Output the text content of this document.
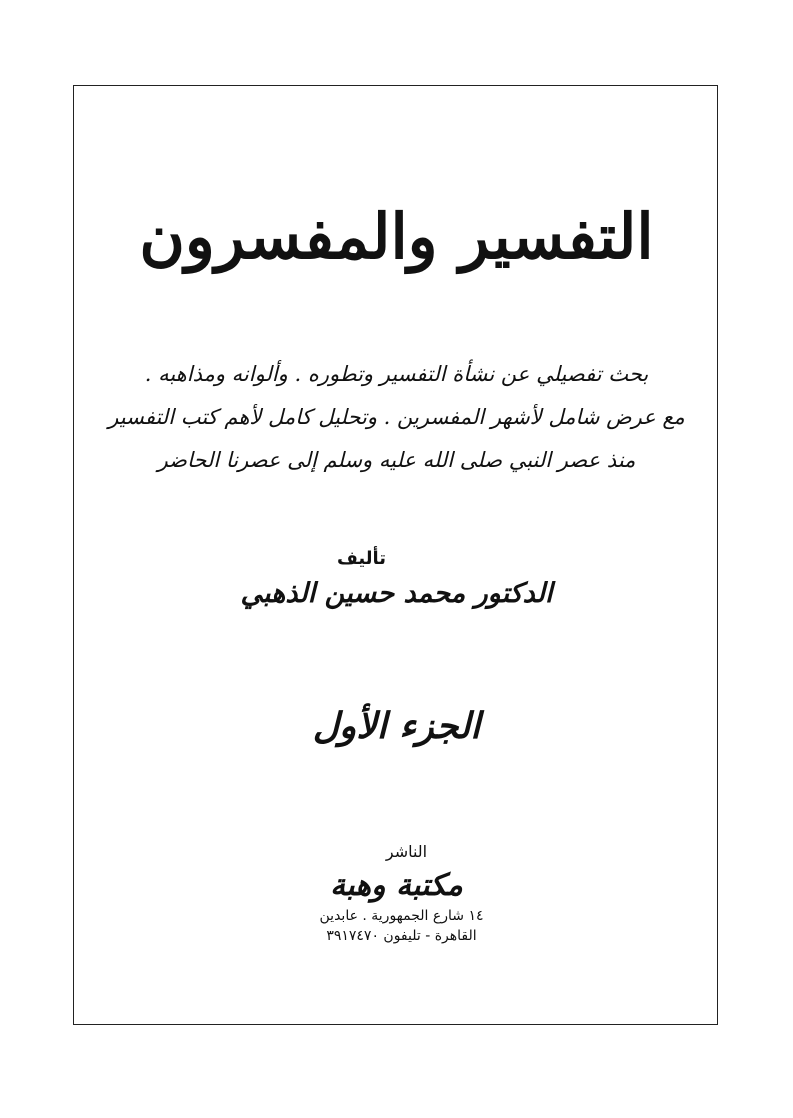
التفسير والمفسرون
بحث تفصيلي عن نشأة التفسير وتطوره . وألوانه ومذاهبه .
مع عرض شامل لأشهر المفسرين . وتحليل كامل لأهم كتب التفسير
منذ عصر النبي صلى الله عليه وسلم إلى عصرنا الحاضر
تأليف
الدكتور محمد حسين الذهبي
الجزء الأول
الناشر
مكتبة وهبة
١٤ شارع الجمهورية . عابدين
القاهرة - تليفون ٣٩١٧٤٧٠
